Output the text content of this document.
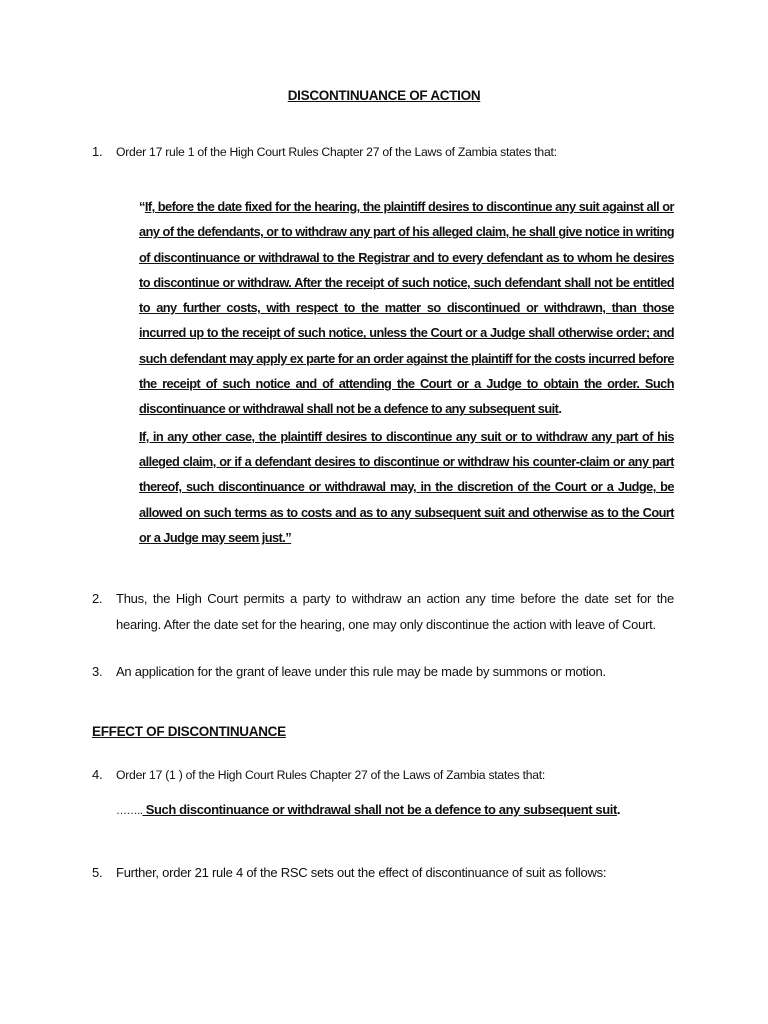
DISCONTINUANCE OF ACTION
1. Order 17 rule 1 of the High Court Rules Chapter 27 of the Laws of Zambia states that:

“If, before the date fixed for the hearing, the plaintiff desires to discontinue any suit against all or any of the defendants, or to withdraw any part of his alleged claim, he shall give notice in writing of discontinuance or withdrawal to the Registrar and to every defendant as to whom he desires to discontinue or withdraw. After the receipt of such notice, such defendant shall not be entitled to any further costs, with respect to the matter so discontinued or withdrawn, than those incurred up to the receipt of such notice, unless the Court or a Judge shall otherwise order; and such defendant may apply ex parte for an order against the plaintiff for the costs incurred before the receipt of such notice and of attending the Court or a Judge to obtain the order. Such discontinuance or withdrawal shall not be a defence to any subsequent suit.

If, in any other case, the plaintiff desires to discontinue any suit or to withdraw any part of his alleged claim, or if a defendant desires to discontinue or withdraw his counter-claim or any part thereof, such discontinuance or withdrawal may, in the discretion of the Court or a Judge, be allowed on such terms as to costs and as to any subsequent suit and otherwise as to the Court or a Judge may seem just.”

2. Thus, the High Court permits a party to withdraw an action any time before the date set for the hearing. After the date set for the hearing, one may only discontinue the action with leave of Court.
3. An application for the grant of leave under this rule may be made by summons or motion.
EFFECT OF DISCONTINUANCE
4. Order 17 (1 ) of the High Court Rules Chapter 27 of the Laws of Zambia states that:
…….. Such discontinuance or withdrawal shall not be a defence to any subsequent suit.
5. Further, order 21 rule 4 of the RSC sets out the effect of discontinuance of suit as follows:
